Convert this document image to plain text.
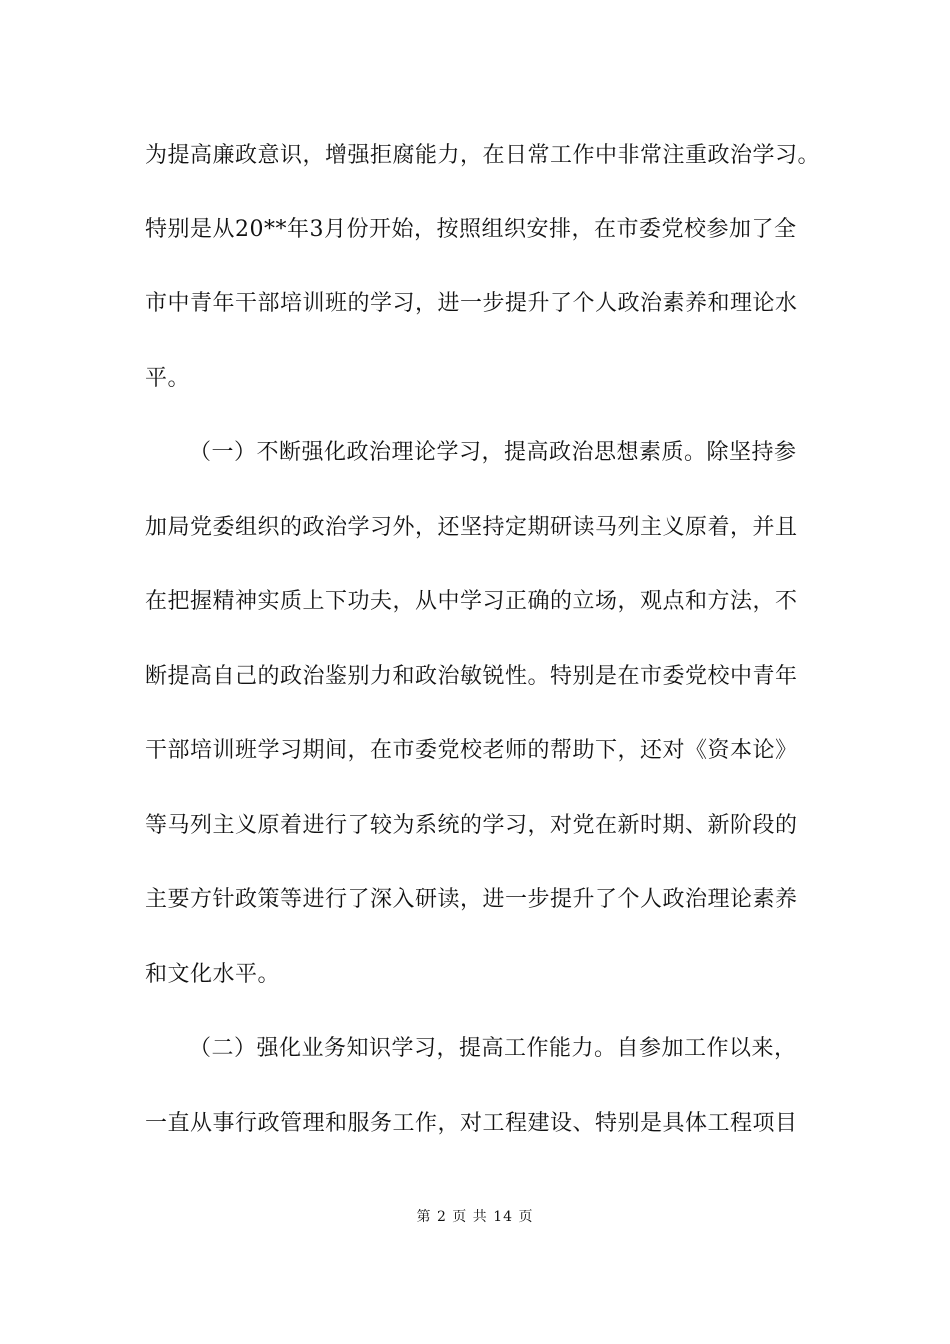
为提高廉政意识，增强拒腐能力，在日常工作中非常注重政治学习。
特别是从20**年3月份开始，按照组织安排，在市委党校参加了全
市中青年干部培训班的学习，进一步提升了个人政治素养和理论水
平。
（一）不断强化政治理论学习，提高政治思想素质。除坚持参
加局党委组织的政治学习外，还坚持定期研读马列主义原着，并且
在把握精神实质上下功夫，从中学习正确的立场，观点和方法，不
断提高自己的政治鉴别力和政治敏锐性。特别是在市委党校中青年
干部培训班学习期间，在市委党校老师的帮助下，还对《资本论》
等马列主义原着进行了较为系统的学习，对党在新时期、新阶段的
主要方针政策等进行了深入研读，进一步提升了个人政治理论素养
和文化水平。
（二）强化业务知识学习，提高工作能力。自参加工作以来，
一直从事行政管理和服务工作，对工程建设、特别是具体工程项目
第 2 页 共 14 页
